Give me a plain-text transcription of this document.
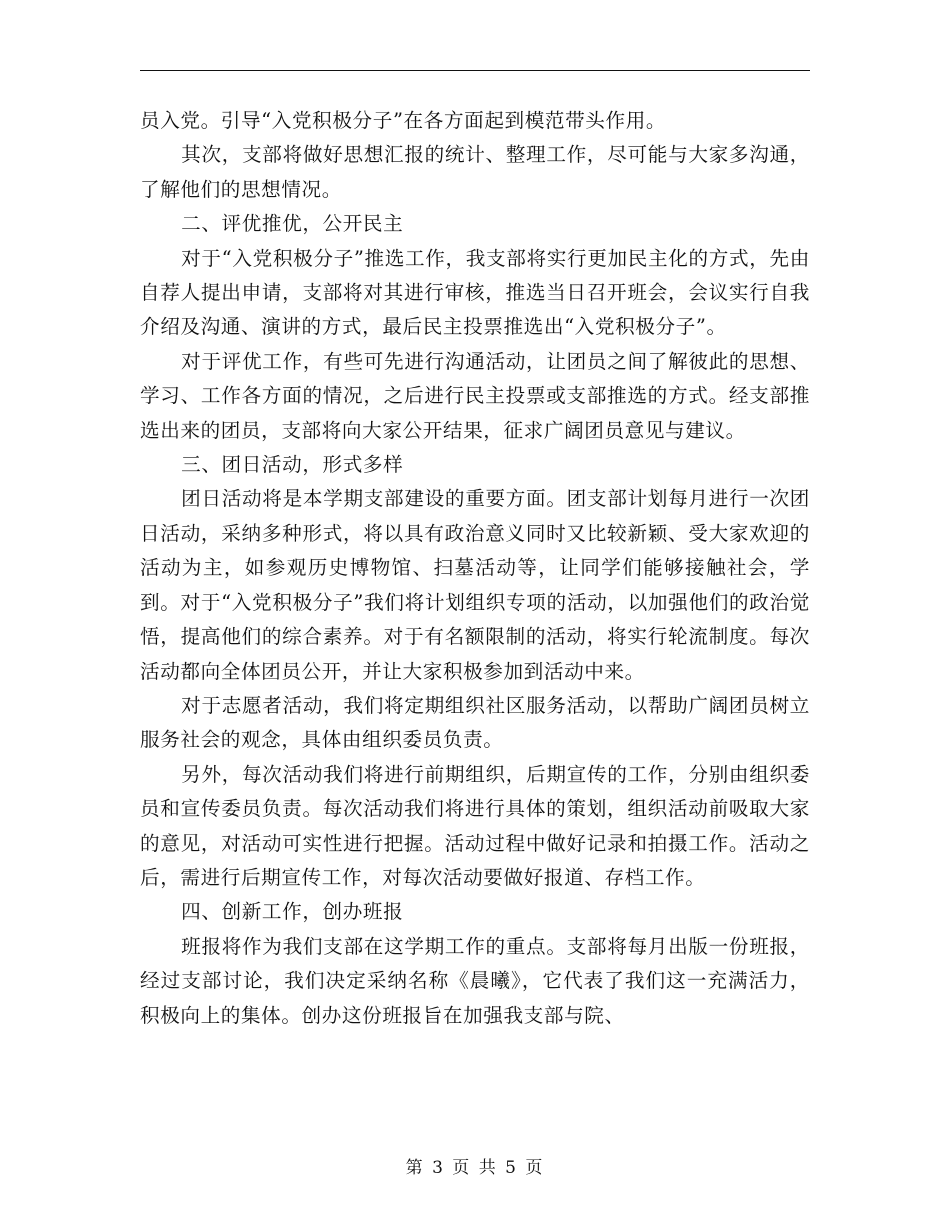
员入党。引导“入党积极分子”在各方面起到模范带头作用。

其次，支部将做好思想汇报的统计、整理工作，尽可能与大家多沟通，了解他们的思想情况。

二、评优推优，公开民主

对于“入党积极分子”推选工作，我支部将实行更加民主化的方式，先由自荐人提出申请，支部将对其进行审核，推选当日召开班会，会议实行自我介绍及沟通、演讲的方式，最后民主投票推选出“入党积极分子”。

对于评优工作，有些可先进行沟通活动，让团员之间了解彼此的思想、学习、工作各方面的情况，之后进行民主投票或支部推选的方式。经支部推选出来的团员，支部将向大家公开结果，征求广阔团员意见与建议。

三、团日活动，形式多样

团日活动将是本学期支部建设的重要方面。团支部计划每月进行一次团日活动，采纳多种形式，将以具有政治意义同时又比较新颖、受大家欢迎的活动为主，如参观历史博物馆、扫墓活动等，让同学们能够接触社会，学到。对于“入党积极分子”我们将计划组织专项的活动，以加强他们的政治觉悟，提高他们的综合素养。对于有名额限制的活动，将实行轮流制度。每次活动都向全体团员公开，并让大家积极参加到活动中来。

对于志愿者活动，我们将定期组织社区服务活动，以帮助广阔团员树立服务社会的观念，具体由组织委员负责。

另外，每次活动我们将进行前期组织，后期宣传的工作，分别由组织委员和宣传委员负责。每次活动我们将进行具体的策划，组织活动前吸取大家的意见，对活动可实性进行把握。活动过程中做好记录和拍摄工作。活动之后，需进行后期宣传工作，对每次活动要做好报道、存档工作。

四、创新工作，创办班报

班报将作为我们支部在这学期工作的重点。支部将每月出版一份班报，经过支部讨论，我们决定采纳名称《晨曦》，它代表了我们这一充满活力，积极向上的集体。创办这份班报旨在加强我支部与院、

第 3 页 共 5 页
